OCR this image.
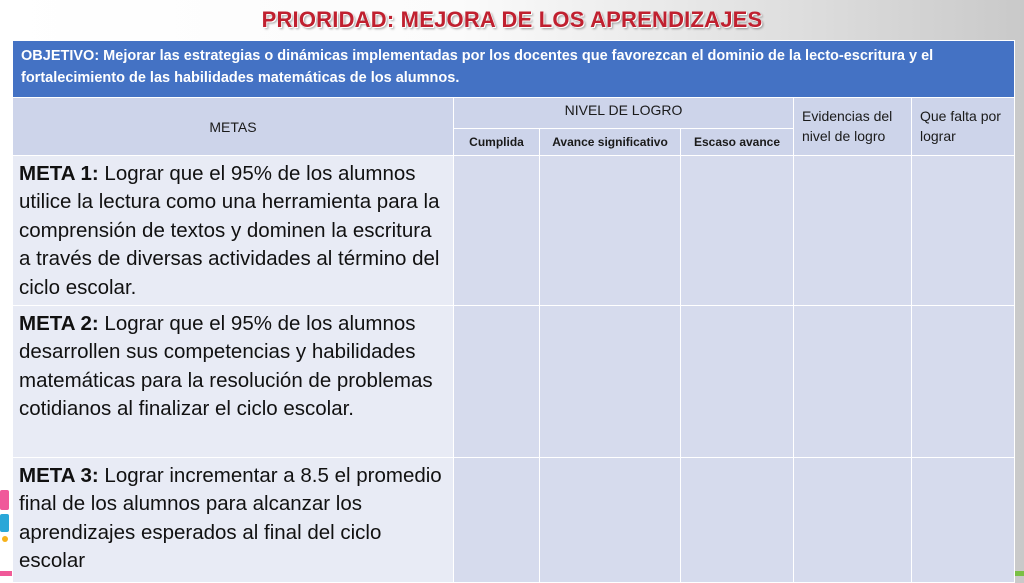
PRIORIDAD: MEJORA DE LOS APRENDIZAJES
OBJETIVO: Mejorar las estrategias o dinámicas implementadas por los docentes que favorezcan el dominio de la lecto-escritura y el fortalecimiento de las habilidades matemáticas de los alumnos.					
METAS	NIVEL DE LOGRO			Evidencias del nivel de logro	Que falta por lograr
	Cumplida	Avance significativo	Escaso avance		
META 1: Lograr que el 95% de los alumnos utilice la lectura como una herramienta para la comprensión de textos y dominen la escritura a través de diversas actividades al término del ciclo escolar.					
META 2: Lograr que el 95% de los alumnos desarrollen sus competencias y habilidades matemáticas para la resolución de problemas cotidianos al finalizar el ciclo escolar.					
META 3: Lograr incrementar a 8.5 el promedio final de los alumnos para alcanzar los aprendizajes esperados al final del ciclo escolar					
